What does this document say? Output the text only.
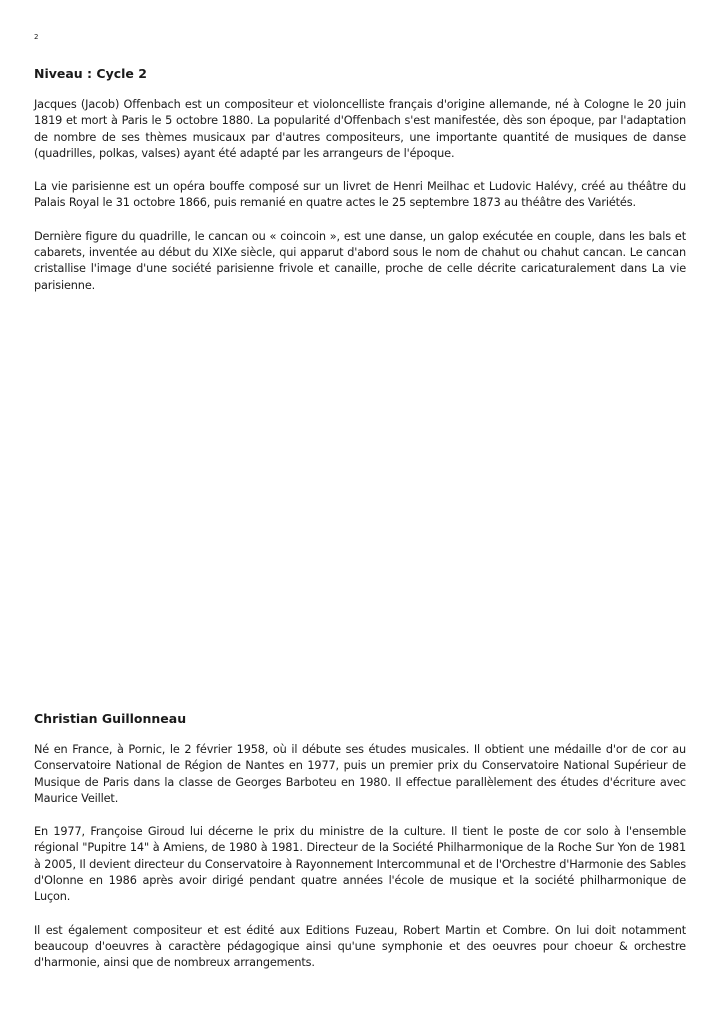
2
Niveau : Cycle 2

Jacques (Jacob) Offenbach est un compositeur et violoncelliste français d'origine allemande, né à Cologne le 20 juin 1819 et mort à Paris le 5 octobre 1880. La popularité d'Offenbach s'est manifestée, dès son époque, par l'adaptation de nombre de ses thèmes musicaux par d'autres compositeurs, une importante quantité de musiques de danse (quadrilles, polkas, valses) ayant été adapté par les arrangeurs de l'époque.

La vie parisienne est un opéra bouffe composé sur un livret de Henri Meilhac et Ludovic Halévy, créé au théâtre du Palais Royal le 31 octobre 1866, puis remanié en quatre actes le 25 septembre 1873 au théâtre des Variétés.

Dernière figure du quadrille, le cancan ou « coincoin », est une danse, un galop exécutée en couple, dans les bals et cabarets, inventée au début du XIXe siècle, qui apparut d'abord sous le nom de chahut ou chahut cancan. Le cancan cristallise l'image d'une société parisienne frivole et canaille, proche de celle décrite caricaturalement dans La vie parisienne.

Christian Guillonneau

Né en France, à Pornic, le 2 février 1958, où il débute ses études musicales. Il obtient une médaille d'or de cor au Conservatoire National de Région de Nantes en 1977, puis un premier prix du Conservatoire National Supérieur de Musique de Paris dans la classe de Georges Barboteu en 1980. Il effectue parallèlement des études d'écriture avec Maurice Veillet.

En 1977, Françoise Giroud lui décerne le prix du ministre de la culture. Il tient le poste de cor solo à l'ensemble régional "Pupitre 14" à Amiens, de 1980 à 1981. Directeur de la Société Philharmonique de la Roche Sur Yon de 1981 à 2005, Il devient directeur du Conservatoire à Rayonnement Intercommunal et de l'Orchestre d'Harmonie des Sables d'Olonne en 1986 après avoir dirigé pendant quatre années l'école de musique et la société philharmonique de Luçon.

Il est également compositeur et est édité aux Editions Fuzeau, Robert Martin et Combre. On lui doit notamment beaucoup d'oeuvres à caractère pédagogique ainsi qu'une symphonie et des oeuvres pour choeur & orchestre d'harmonie, ainsi que de nombreux arrangements.
